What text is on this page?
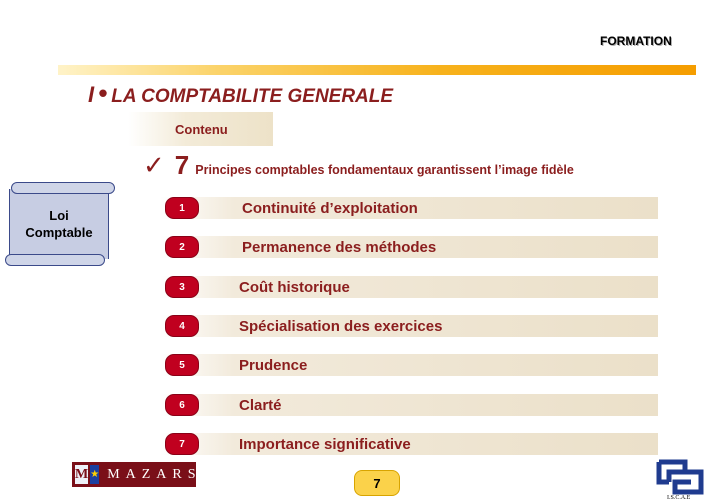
FORMATION
I • LA COMPTABILITE GENERALE
Contenu
✓ 7 Principes comptables fondamentaux garantissent l’image fidèle
Loi
Comptable
1	Continuité d’exploitation
2	Permanence des méthodes
3	Coût historique
4	Spécialisation des exercices
5	Prudence
6	Clarté
7	Importance significative
M ★ MAZARS
7
I.S.C.A.E
